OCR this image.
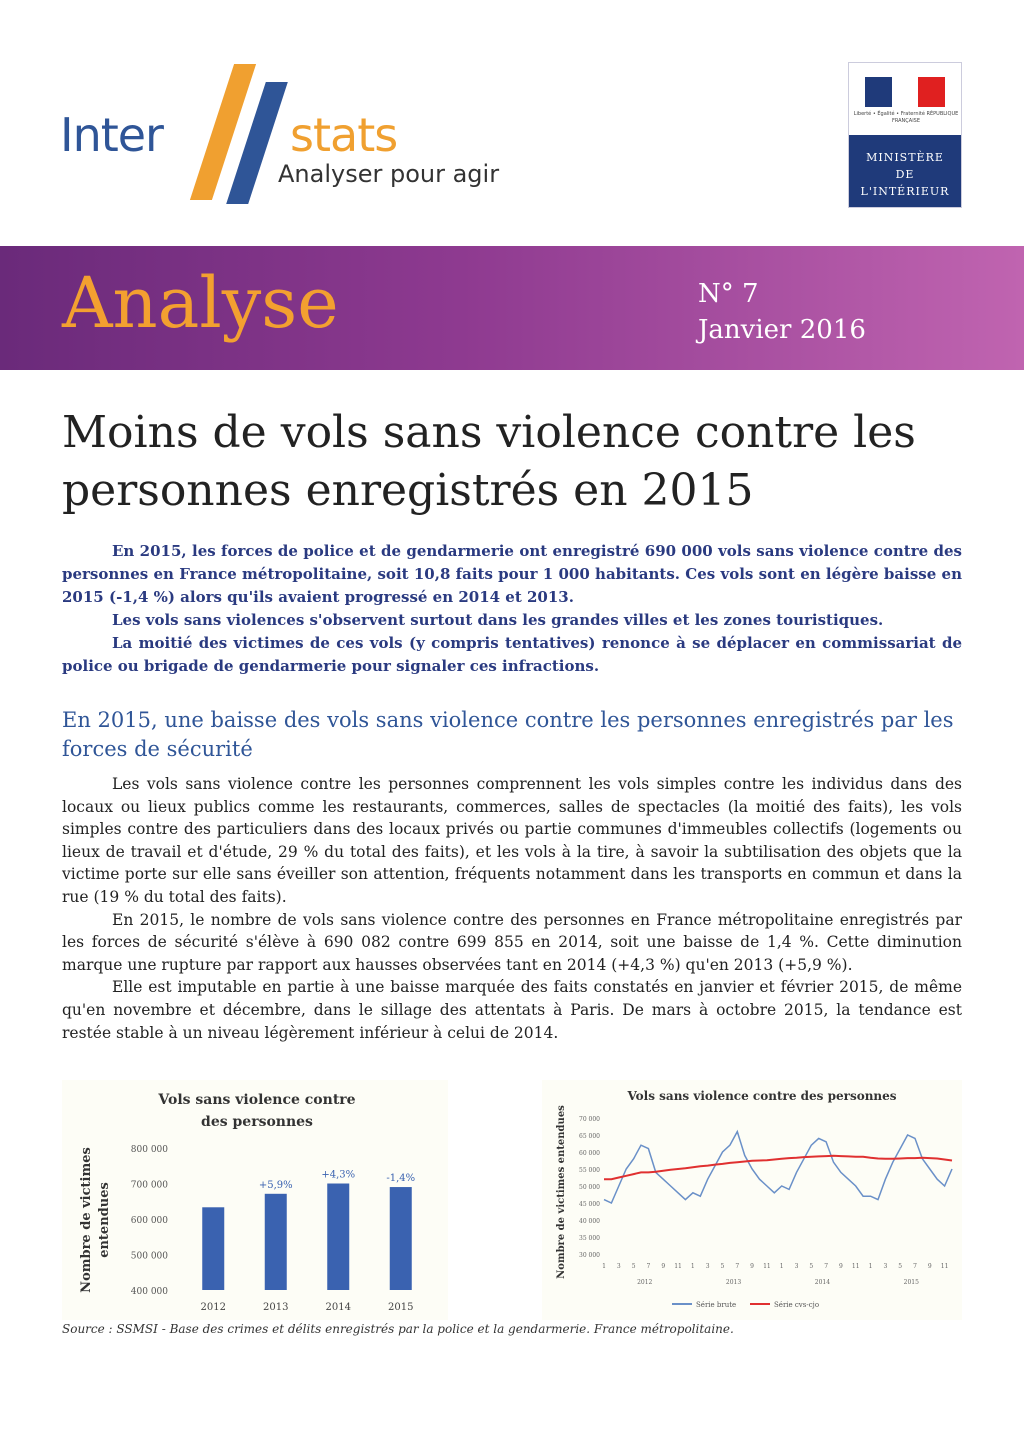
Inter	stats
Analyser pour agir
Liberté • Égalité • Fraternité RÉPUBLIQUE FRANÇAISE
MINISTÈRE
DE
L'INTÉRIEUR
Analyse	N° 7
Janvier 2016
Moins de vols sans violence contre les personnes enregistrés en 2015

En 2015, les forces de police et de gendarmerie ont enregistré 690 000 vols sans violence contre des personnes en France métropolitaine, soit 10,8 faits pour 1 000 habitants. Ces vols sont en légère baisse en 2015 (-1,4 %) alors qu'ils avaient progressé en 2014 et 2013.

Les vols sans violences s'observent surtout dans les grandes villes et les zones touristiques.

La moitié des victimes de ces vols (y compris tentatives) renonce à se déplacer en commissariat de police ou brigade de gendarmerie pour signaler ces infractions.

En 2015, une baisse des vols sans violence contre les personnes enregistrés par les forces de sécurité

Les vols sans violence contre les personnes comprennent les vols simples contre les individus dans des locaux ou lieux publics comme les restaurants, commerces, salles de spectacles (la moitié des faits), les vols simples contre des particuliers dans des locaux privés ou partie communes d'immeubles collectifs (logements ou lieux de travail et d'étude, 29 % du total des faits), et les vols à la tire, à savoir la subtilisation des objets que la victime porte sur elle sans éveiller son attention, fréquents notamment dans les transports en commun et dans la rue (19 % du total des faits).

En 2015, le nombre de vols sans violence contre des personnes en France métropolitaine enregistrés par les forces de sécurité s'élève à 690 082 contre 699 855 en 2014, soit une baisse de 1,4 %. Cette diminution marque une rupture par rapport aux hausses observées tant en 2014 (+4,3 %) qu'en 2013 (+5,9 %).

Elle est imputable en partie à une baisse marquée des faits constatés en janvier et février 2015, de même qu'en novembre et décembre, dans le sillage des attentats à Paris. De mars à octobre 2015, la tendance est restée stable à un niveau légèrement inférieur à celui de 2014.

Vols sans violence contre
des personnes
Nombre de victimes entendues
400 000
500 000
600 000
700 000
800 000
2012	2013
+5,9%
2014
+4,3%
2015
-1,4%
Vols sans violence contre des personnes
Nombre de victimes entendues 30 000
35 000
40 000
45 000
50 000
55 000
60 000
65 000
70 000
1 3 5 7 9 11 1 3 5 7 9 11 1 3 5 7 9 11 1 3 5 7 9 11
2012	2013	2014	2015
Série brute	Série cvs-cjo
Source : SSMSI - Base des crimes et délits enregistrés par la police et la gendarmerie. France métropolitaine.
